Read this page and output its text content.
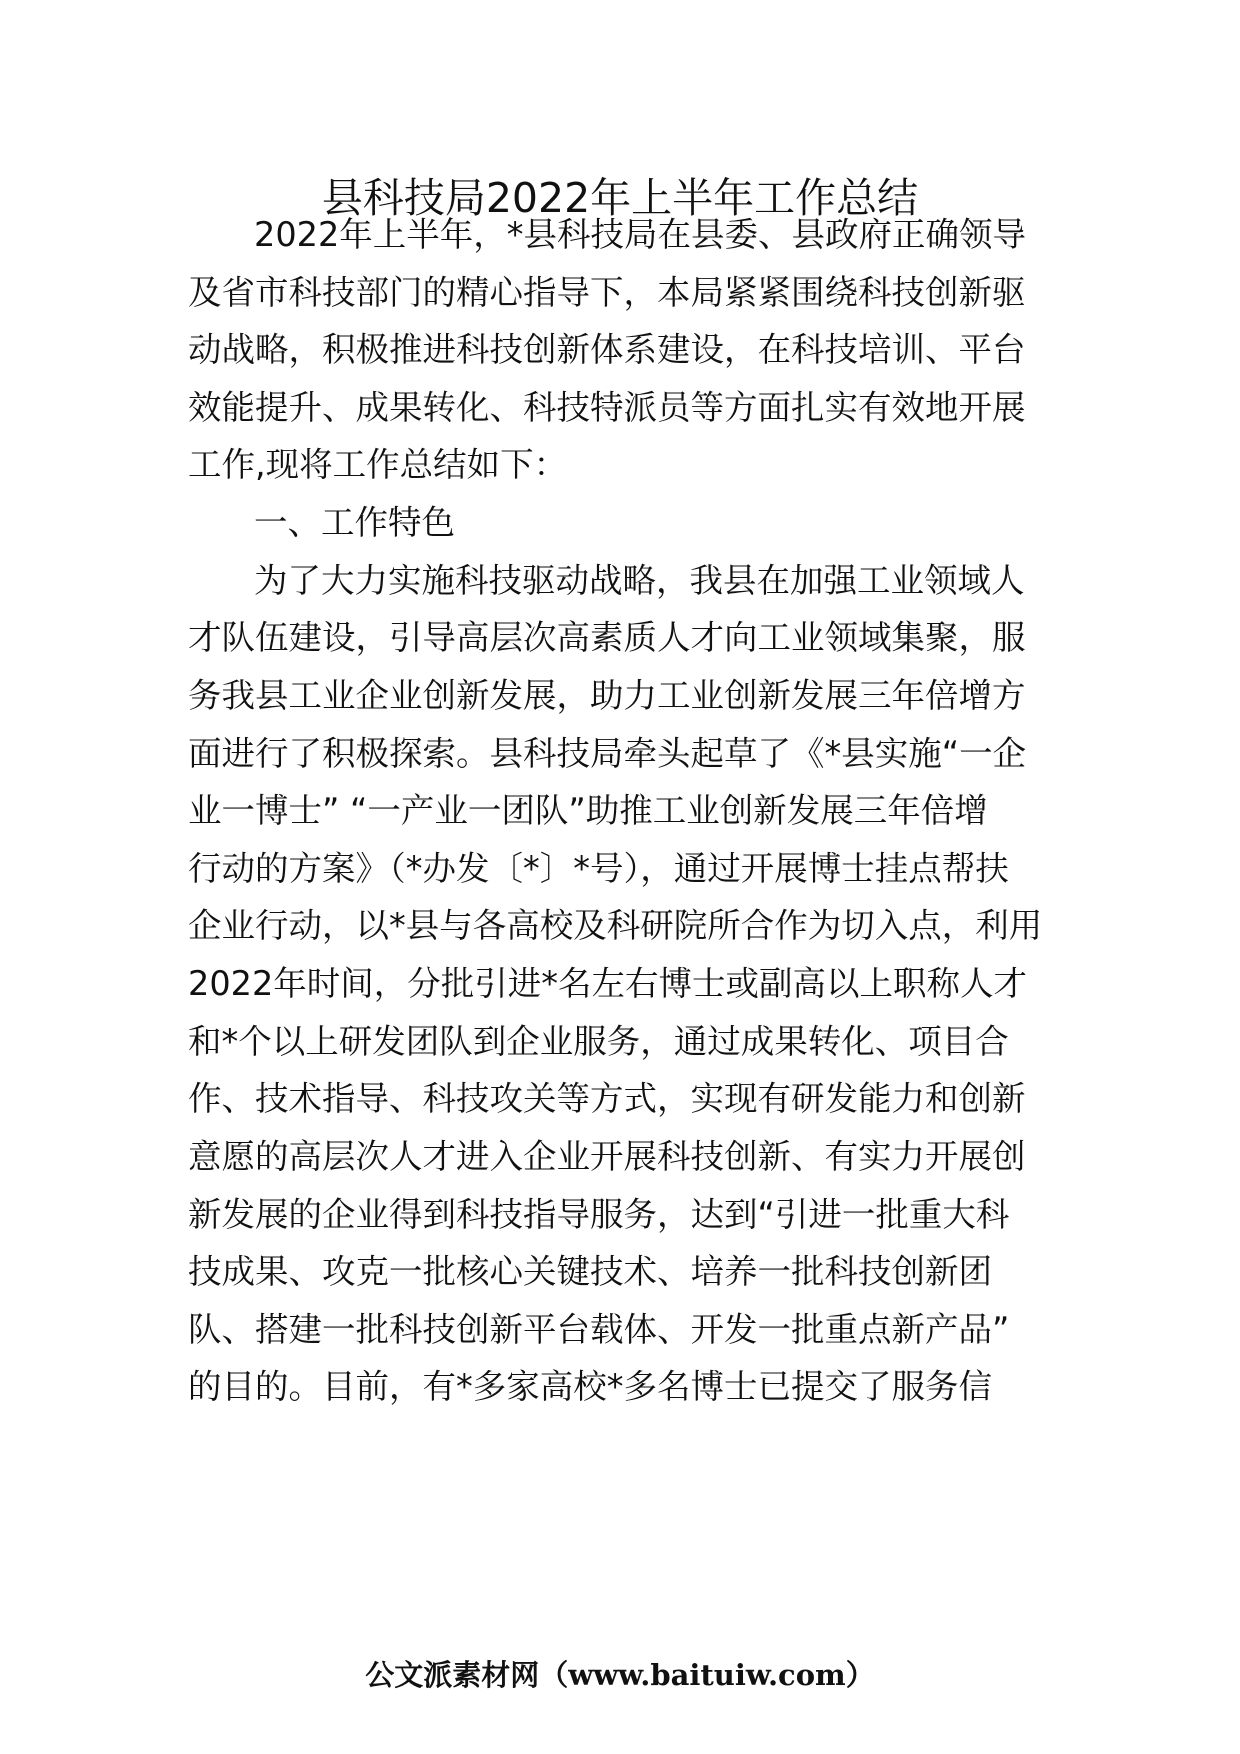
县科技局2022年上半年工作总结
2022年上半年，*县科技局在县委、县政府正确领导
及省市科技部门的精心指导下，本局紧紧围绕科技创新驱
动战略，积极推进科技创新体系建设，在科技培训、平台
效能提升、成果转化、科技特派员等方面扎实有效地开展
工作,现将工作总结如下：
一、工作特色
为了大力实施科技驱动战略，我县在加强工业领域人
才队伍建设，引导高层次高素质人才向工业领域集聚，服
务我县工业企业创新发展，助力工业创新发展三年倍增方
面进行了积极探索。县科技局牵头起草了《*县实施“一企
业一博士” “一产业一团队”助推工业创新发展三年倍增
行动的方案》（*办发〔*〕*号），通过开展博士挂点帮扶
企业行动，以*县与各高校及科研院所合作为切入点，利用
2022年时间，分批引进*名左右博士或副高以上职称人才
和*个以上研发团队到企业服务，通过成果转化、项目合
作、技术指导、科技攻关等方式，实现有研发能力和创新
意愿的高层次人才进入企业开展科技创新、有实力开展创
新发展的企业得到科技指导服务，达到“引进一批重大科
技成果、攻克一批核心关键技术、培养一批科技创新团
队、搭建一批科技创新平台载体、开发一批重点新产品”
的目的。目前，有*多家高校*多名博士已提交了服务信
公文派素材网（www.baituiw.com）
